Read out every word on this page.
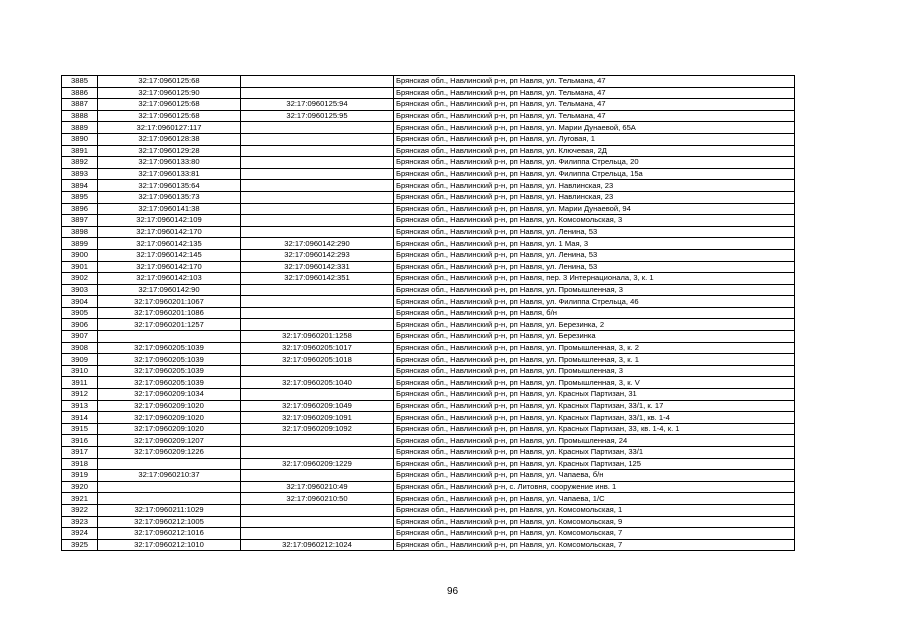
3885	32:17:0960125:68		Брянская обл., Навлинский р-н, рп Навля, ул. Тельмана, 47
3886	32:17:0960125:90		Брянская обл., Навлинский р-н, рп Навля, ул. Тельмана, 47
3887	32:17:0960125:68	32:17:0960125:94	Брянская обл., Навлинский р-н, рп Навля, ул. Тельмана, 47
3888	32:17:0960125:68	32:17:0960125:95	Брянская обл., Навлинский р-н, рп Навля, ул. Тельмана, 47
3889	32:17:0960127:117		Брянская обл., Навлинский р-н, рп Навля, ул. Марии Дунаевой, 65А
3890	32:17:0960128:38		Брянская обл., Навлинский р-н, рп Навля, ул. Луговая, 1
3891	32:17:0960129:28		Брянская обл., Навлинский р-н, рп Навля, ул. Ключевая, 2Д
3892	32:17:0960133:80		Брянская обл., Навлинский р-н, рп Навля, ул. Филиппа Стрельца, 20
3893	32:17:0960133:81		Брянская обл., Навлинский р-н, рп Навля, ул. Филиппа Стрельца, 15а
3894	32:17:0960135:64		Брянская обл., Навлинский р-н, рп Навля, ул. Навлинская, 23
3895	32:17:0960135:73		Брянская обл., Навлинский р-н, рп Навля, ул. Навлинская, 23
3896	32:17:0960141:38		Брянская обл., Навлинский р-н, рп Навля, ул. Марии Дунаевой, 94
3897	32:17:0960142:109		Брянская обл., Навлинский р-н, рп Навля, ул. Комсомольская, 3
3898	32:17:0960142:170		Брянская обл., Навлинский р-н, рп Навля, ул. Ленина, 53
3899	32:17:0960142:135	32:17:0960142:290	Брянская обл., Навлинский р-н, рп Навля, ул. 1 Мая, 3
3900	32:17:0960142:145	32:17:0960142:293	Брянская обл., Навлинский р-н, рп Навля, ул. Ленина, 53
3901	32:17:0960142:170	32:17:0960142:331	Брянская обл., Навлинский р-н, рп Навля, ул. Ленина, 53
3902	32:17:0960142:103	32:17:0960142:351	Брянская обл., Навлинский р-н, рп Навля, пер. 3 Интернационала, 3, к. 1
3903	32:17:0960142:90		Брянская обл., Навлинский р-н, рп Навля, ул. Промышленная, 3
3904	32:17:0960201:1067		Брянская обл., Навлинский р-н, рп Навля, ул. Филиппа Стрельца, 46
3905	32:17:0960201:1086		Брянская обл., Навлинский р-н, рп Навля, б/н
3906	32:17:0960201:1257		Брянская обл., Навлинский р-н, рп Навля, ул. Березинка, 2
3907		32:17:0960201:1258	Брянская обл., Навлинский р-н, рп Навля, ул. Березинка
3908	32:17:0960205:1039	32:17:0960205:1017	Брянская обл., Навлинский р-н, рп Навля, ул. Промышленная, 3, к. 2
3909	32:17:0960205:1039	32:17:0960205:1018	Брянская обл., Навлинский р-н, рп Навля, ул. Промышленная, 3, к. 1
3910	32:17:0960205:1039		Брянская обл., Навлинский р-н, рп Навля, ул. Промышленная, 3
3911	32:17:0960205:1039	32:17:0960205:1040	Брянская обл., Навлинский р-н, рп Навля, ул. Промышленная, 3, к. V
3912	32:17:0960209:1034		Брянская обл., Навлинский р-н, рп Навля, ул. Красных Партизан, 31
3913	32:17:0960209:1020	32:17:0960209:1049	Брянская обл., Навлинский р-н, рп Навля, ул. Красных Партизан, 33/1, к. 17
3914	32:17:0960209:1020	32:17:0960209:1091	Брянская обл., Навлинский р-н, рп Навля, ул. Красных Партизан, 33/1, кв. 1-4
3915	32:17:0960209:1020	32:17:0960209:1092	Брянская обл., Навлинский р-н, рп Навля, ул. Красных Партизан, 33, кв. 1-4, к. 1
3916	32:17:0960209:1207		Брянская обл., Навлинский р-н, рп Навля, ул. Промышленная, 24
3917	32:17:0960209:1226		Брянская обл., Навлинский р-н, рп Навля, ул. Красных Партизан, 33/1
3918		32:17:0960209:1229	Брянская обл., Навлинский р-н, рп Навля, ул. Красных Партизан, 125
3919	32:17:0960210:37		Брянская обл., Навлинский р-н, рп Навля, ул. Чапаева, б/н
3920		32:17:0960210:49	Брянская обл., Навлинский р-н, с. Литовня, сооружение инв. 1
3921		32:17:0960210:50	Брянская обл., Навлинский р-н, рп Навля, ул. Чапаева, 1/С
3922	32:17:0960211:1029		Брянская обл., Навлинский р-н, рп Навля, ул. Комсомольская, 1
3923	32:17:0960212:1005		Брянская обл., Навлинский р-н, рп Навля, ул. Комсомольская, 9
3924	32:17:0960212:1016		Брянская обл., Навлинский р-н, рп Навля, ул. Комсомольская, 7
3925	32:17:0960212:1010	32:17:0960212:1024	Брянская обл., Навлинский р-н, рп Навля, ул. Комсомольская, 7
96
